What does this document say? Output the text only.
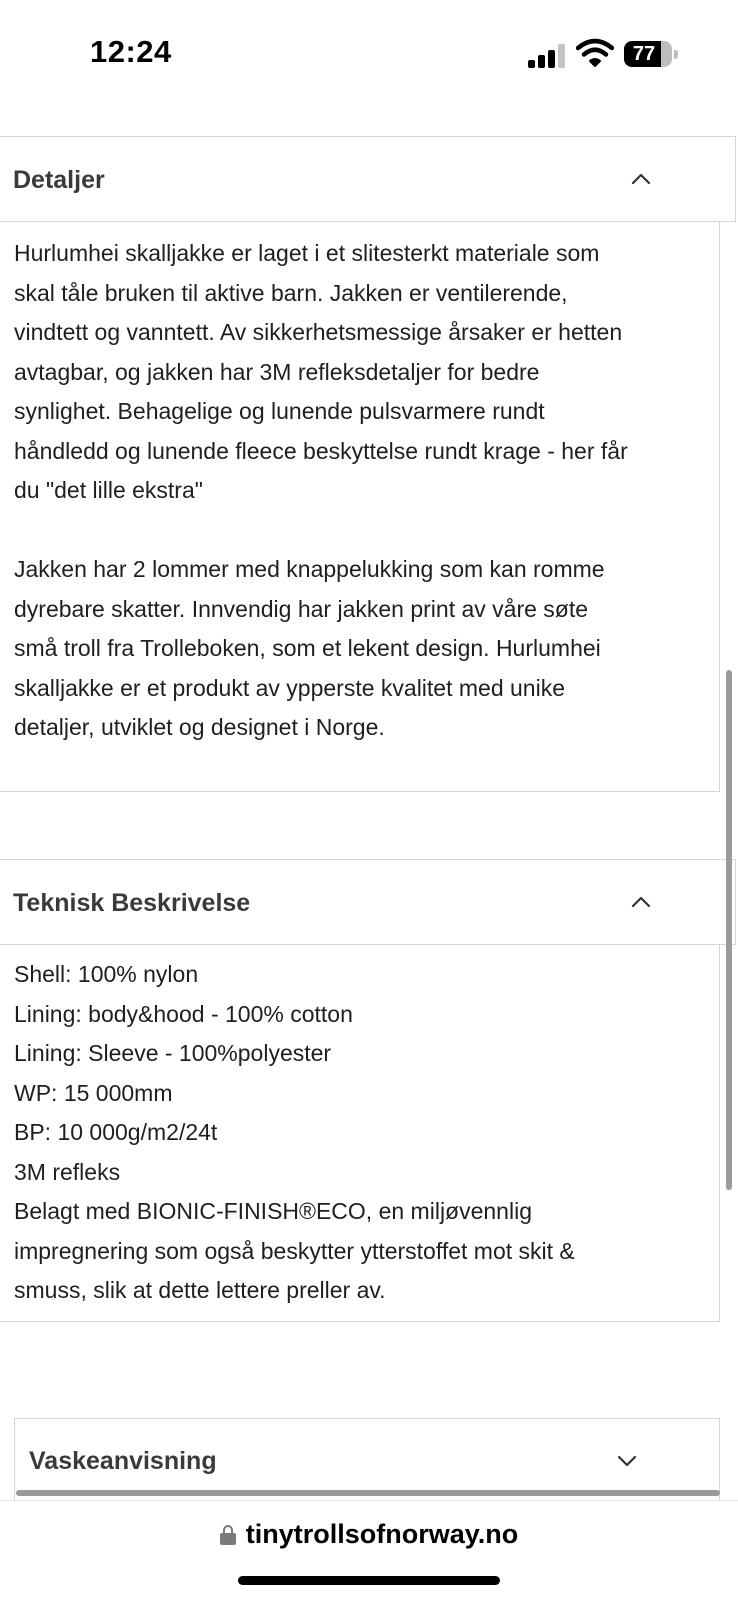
12:24	77
Detaljer

Hurlumhei skalljakke er laget i et slitesterkt materiale som skal tåle bruken til aktive barn. Jakken er ventilerende, vindtett og vanntett. Av sikkerhetsmessige årsaker er hetten avtagbar, og jakken har 3M refleksdetaljer for bedre synlighet. Behagelige og lunende pulsvarmere rundt håndledd og lunende fleece beskyttelse rundt krage - her får du "det lille ekstra"

Jakken har 2 lommer med knappelukking som kan romme dyrebare skatter. Innvendig har jakken print av våre søte små troll fra Trolleboken, som et lekent design. Hurlumhei skalljakke er et produkt av ypperste kvalitet med unike detaljer, utviklet og designet i Norge.

Teknisk Beskrivelse

Shell: 100% nylon

Lining: body&hood - 100% cotton

Lining: Sleeve - 100%polyester

WP: 15 000mm

BP: 10 000g/m2/24t

3M refleks

Belagt med BIONIC-FINISH®ECO, en miljøvennlig impregnering som også beskytter ytterstoffet mot skit & smuss, slik at dette lettere preller av.

Vaskeanvisning
tinytrollsofnorway.no
